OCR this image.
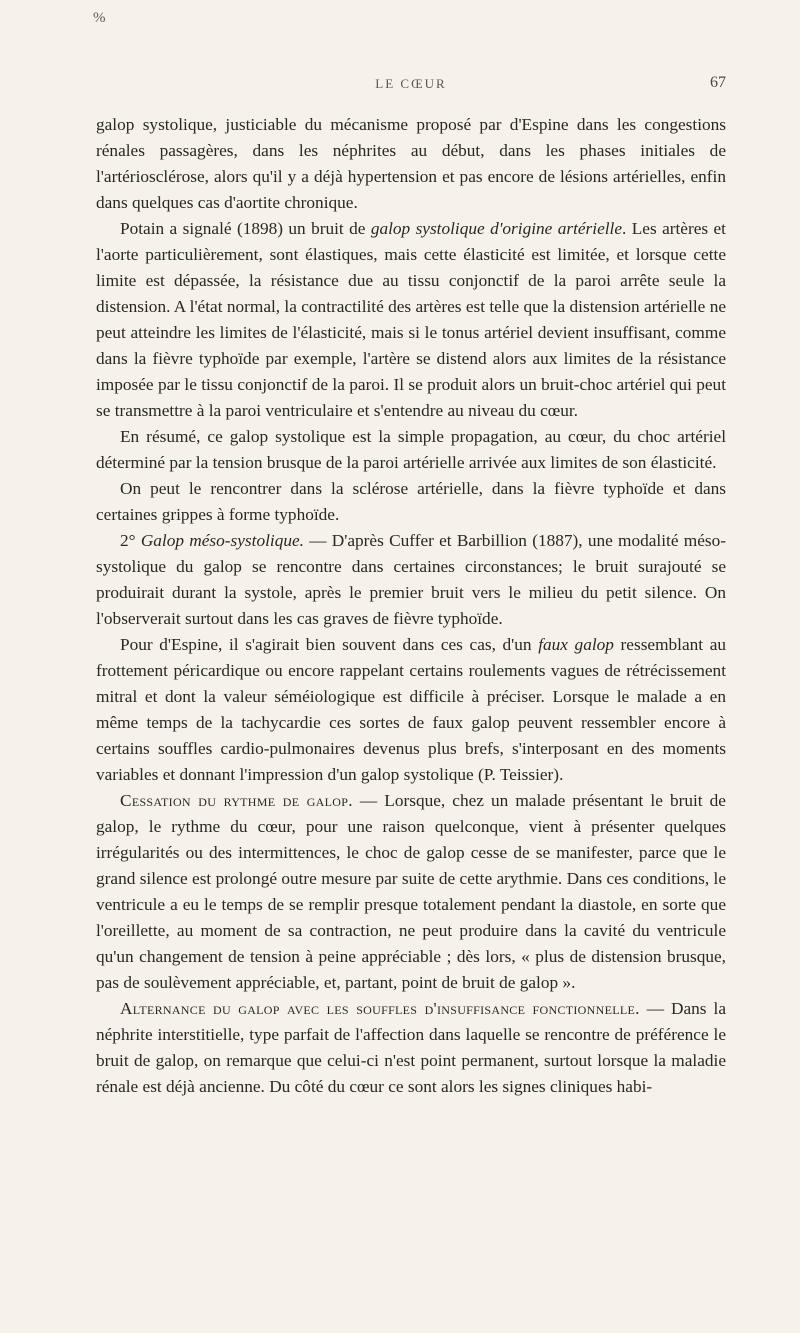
%
LE CŒUR	67

galop systolique, justiciable du mécanisme proposé par d'Espine dans les congestions rénales passagères, dans les néphrites au début, dans les phases initiales de l'artériosclérose, alors qu'il y a déjà hypertension et pas encore de lésions artérielles, enfin dans quelques cas d'aortite chronique.

Potain a signalé (1898) un bruit de galop systolique d'origine artérielle. Les artères et l'aorte particulièrement, sont élastiques, mais cette élasticité est limitée, et lorsque cette limite est dépassée, la résistance due au tissu conjonctif de la paroi arrête seule la distension. A l'état normal, la contractilité des artères est telle que la distension artérielle ne peut atteindre les limites de l'élasticité, mais si le tonus artériel devient insuffisant, comme dans la fièvre typhoïde par exemple, l'artère se distend alors aux limites de la résistance imposée par le tissu conjonctif de la paroi. Il se produit alors un bruit-choc artériel qui peut se transmettre à la paroi ventriculaire et s'entendre au niveau du cœur.

En résumé, ce galop systolique est la simple propagation, au cœur, du choc artériel déterminé par la tension brusque de la paroi artérielle arrivée aux limites de son élasticité.

On peut le rencontrer dans la sclérose artérielle, dans la fièvre typhoïde et dans certaines grippes à forme typhoïde.

2° Galop méso-systolique. — D'après Cuffer et Barbillion (1887), une modalité méso-systolique du galop se rencontre dans certaines circonstances; le bruit surajouté se produirait durant la systole, après le premier bruit vers le milieu du petit silence. On l'observerait surtout dans les cas graves de fièvre typhoïde.

Pour d'Espine, il s'agirait bien souvent dans ces cas, d'un faux galop ressemblant au frottement péricardique ou encore rappelant certains roulements vagues de rétrécissement mitral et dont la valeur séméiologique est difficile à préciser. Lorsque le malade a en même temps de la tachycardie ces sortes de faux galop peuvent ressembler encore à certains souffles cardio-pulmonaires devenus plus brefs, s'interposant en des moments variables et donnant l'impression d'un galop systolique (P. Teissier).

Cessation du rythme de galop. — Lorsque, chez un malade présentant le bruit de galop, le rythme du cœur, pour une raison quelconque, vient à présenter quelques irrégularités ou des intermittences, le choc de galop cesse de se manifester, parce que le grand silence est prolongé outre mesure par suite de cette arythmie. Dans ces conditions, le ventricule a eu le temps de se remplir presque totalement pendant la diastole, en sorte que l'oreillette, au moment de sa contraction, ne peut produire dans la cavité du ventricule qu'un changement de tension à peine appréciable ; dès lors, « plus de distension brusque, pas de soulèvement appréciable, et, partant, point de bruit de galop ».

Alternance du galop avec les souffles d'insuffisance fonctionnelle. — Dans la néphrite interstitielle, type parfait de l'affection dans laquelle se rencontre de préférence le bruit de galop, on remarque que celui-ci n'est point permanent, surtout lorsque la maladie rénale est déjà ancienne. Du côté du cœur ce sont alors les signes cliniques habi-
